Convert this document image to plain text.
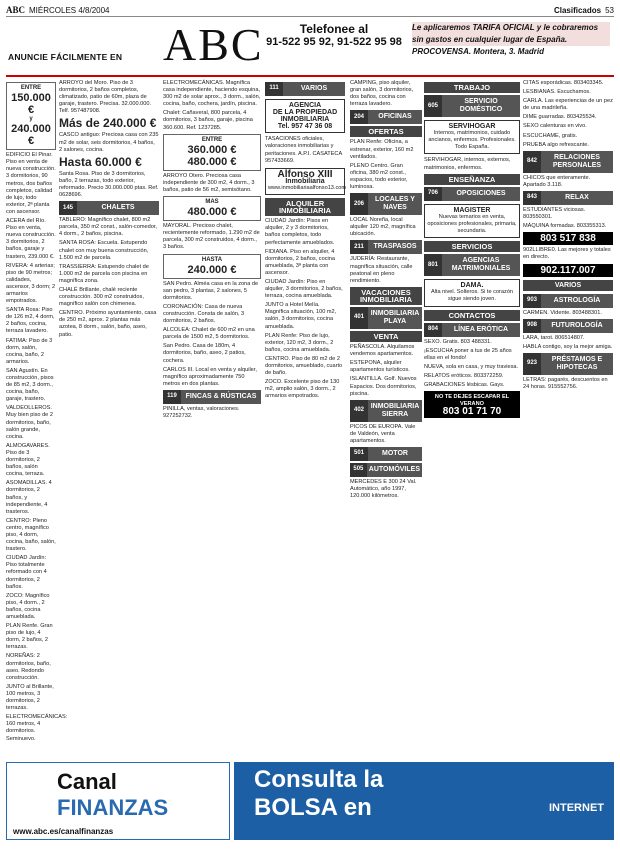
ABC MIÉRCOLES 4/8/2004	Clasificados 53
ANUNCIE FÁCILMENTE EN ABC	Telefonee al
91-522 95 92, 91-522 95 98
Le aplicaremos TARIFA OFICIAL y le cobraremos sin gastos en cualquier lugar de España.
PROCOVENSA. Montera, 3. Madrid
ENTRE
150.000 €
y
240.000 €

EDIFICIO El Pinar. Piso en venta de nueva construcción. 3 dormitorios, 90 metros, dos baños completos, calidad de lujo, todo exterior, 2ª planta con ascensor.

ACERA del Río. Piso en venta, nueva construcción. 3 dormitorios, 2 baños, garaje y trastero, 239.000 €.

RIVERA: 4 arterias; piso de 90 metros; calidades, ascensor, 3 dorm; 2 armarios empotrados.

SANTA Rosa: Piso de 126 m2, 4 dorm, 2 baños, cocina, terraza lavadero.

FATIMA: Piso de 3 dorm, salón, cocina, baño, 2 armarios.

SAN Agustín. En construcción, pisos de 85 m2, 3 dorm., cocina, baño, garaje, trastero.

VALDEOLLEROS. Muy bien piso de 2 dormitorios, baño, salón grande, cocina.

ALMOGAVARES. Piso de 3 dormitorios, 2 baños, salón cocina, terraza.

ASOMADILLAS. 4 dormitorios, 2 baños, y independiente, 4 trasteros.

CENTRO: Pleno centro, magnífico piso, 4 dorm, cocina, baño, salón, trastero.

CIUDAD Jardín: Piso totalmente reformado con 4 dormitorios, 2 baños.

ZOCO: Magnífico piso, 4 dorm., 2 baños, cocina amueblada.

PLAN Renfe. Gran piso de lujo, 4 dorm, 2 baños, 2 terrazas.

NOREÑAS: 2 dormitorios, baño, aseo. Redondo construcción.

JUNTO al Brillante, 100 metros, 3 dormitorios, 2 terrazas.

ELECTROMECÁNICAS: 160 metros, 4 dormitorios. Seminuevo.

ARROYO del Moro. Piso de 3 dormitorios, 2 baños completos, climatizado, patio de 60m, plaza de garaje, trastero. Precisa. 32.000.000. Telf. 957487908.

Más de 240.000 €

CASCO antiguo: Preciosa casa con 235 m2 de solar, seis dormitorios, 4 baños, 2 salones, cocina.

Hasta 60.000 €

Santa Rosa. Piso de 3 dormitorios, baño, 2 terrazas, todo exterior, reformado. Precio 30.000.000 ptas. Ref. 0628696.

145	CHALETS

TABLERO: Magnífico chalet, 800 m2 parcela, 350 m2 const., salón-comedor, 4 dorm., 2 baños, piscina.

SANTA ROSA: Escuela. Estupendo chalet con muy buena construcción, 1.500 m2 de parcela.

TRASSIERRA: Estupendo chalet de 1.000 m2 de parcela con piscina en magnífica zona.

CHALÉ Brillante, chalé reciente construcción. 300 m2 construidos, magnífico salón con chimenea.

CENTRO. Próximo ayuntamiento, casa de 250 m2, aprox. 2 plantas más azotea, 8 dorm., salón, baño, aseo, patio.

ELECTROMECÁNICAS. Magnífica casa independiente, haciendo esquina, 300 m2 de solar aprox., 3 dorm., salón, cocina, baño, cochera, jardín, piscina.

Chalet: Cañaveral, 800 parcela, 4 dormitorios, 3 baños, garaje, piscina 360.600. Ref. 1237285.

ENTRE
360.000 €
480.000 €

ARROYO Otero. Preciosa casa independiente de 300 m2, 4 dorm., 3 baños, patio de 56 m2, semisótano.

MAS
480.000 €

MAYORAL. Precioso chalet, recientemente reformado, 1.290 m2 de parcela, 300 m2 construidos, 4 dorm., 3 baños.

HASTA
240.000 €

SAN Pedro. Alméa casa en la zona de san pedro, 3 plantas, 2 salones, 5 dormitorios.

CORONACIÓN: Casa de nueva construcción. Consta de salón, 3 dormitorios, 2 baños.

ALCOLEA: Chalet de 600 m2 en una parcela de 1500 m2, 5 dormitorios.

San Pedro. Casa de 180m, 4 dormitorios, baño, aseo, 2 patios, cochera.

CARLOS III. Local en venta y alquiler, magnífico aproximadamente 750 metros en dos plantas.

119	FINCAS & RÚSTICAS

PINILLA, ventas, valoraciones. 927252732.

111	VARIOS
AGENCIA
DE LA PROPIEDAD
INMOBILIARIA
Tel. 957 47 36 08

TASACIONES oficiales, valoraciones inmobiliarias y peritaciones. A.P.I. CASATECA 957433669.

Alfonso XIII
Inmobiliaria
www.inmobiliariaalfonso13.com
ALQUILER INMOBILIARIA

CIUDAD Jardín: Pisos en alquiler, 2 y 3 dormitorios, baños completos, todo perfectamente amueblados.

FIDIANA. Piso en alquiler, 4 dormitorios, 2 baños, cocina amueblada, 3ª planta con ascensor.

CIUDAD Jardín: Piso en alquiler, 3 dormitorios, 2 baños, terraza, cocina amueblada.

JUNTO a Hotel Melía. Magnífica situación, 100 m2, salón, 3 dormitorios, cocina amueblada.

PLAN Renfe: Piso de lujo, exterior, 120 m2, 3 dorm., 2 baños, cocina amueblada.

CENTRO. Piso de 80 m2 de 2 dormitorios, amueblado, cuarto de baño.

ZOCO. Excelente piso de 130 m2, amplio salón, 3 dorm., 2 armarios empotrados.

CAMPING, piso alquiler, gran salón, 3 dormitorios, dos baños, cocina con terraza lavadero.

204	OFICINAS
OFERTAS

PLAN Renfe: Oficina, a estrenar, exterior, 160 m2 ventilados.

PLENO Centro. Gran oficina, 380 m2 const., espacios, todo exterior, luminosa.

206
LOCALES Y NAVES

LOCAL Noreña, local alquiler 120 m2, magnífica ubicación.

211	TRASPASOS

JUDERÍA: Restaurante, magnífica situación, calle peatonal en pleno rendimiento.

VACACIONES INMOBILIARIA
401
INMOBILIARIA PLAYA
VENTA

PEÑASCOLA. Alquilamos vendemos apartamentos.

ESTEPONA, alquiler apartamentos turísticos.

ISLANTILLA. Golf. Nuevos Espacios. Dos dormitorios, piscina.

402
INMOBILIARIA SIERRA

PICOS DE EUROPA. Vale de Valdeón, venta apartamentos.

501	MOTOR
505 AUTOMÓVILES

MERCEDES E 300 24 Val. Automático, año 1997, 120.000 kilómetros.

TRABAJO
605
SERVICIO DOMÉSTICO
SERVIHOGAR
Internos, matrimonios, cuidado ancianos, enfermos. Profesionales. Todo España.

SERVIHOGAR, internos, externos, matrimonios, enfermos.

ENSEÑANZA
706	OPOSICIONES
MAGISTER
Nuevas temarios en venta, oposiciones profesionales, primaria, secundaria.
SERVICIOS
801
AGENCIAS MATRIMONIALES
DAMA.
Alta nivel. Solteros. Si te corazón sigue siendo joven.
CONTACTOS
804	LÍNEA ERÓTICA

SEXO. Gratis. 803 488331.

¡ESCUCHA poner a tus de 25 años ellas en el fondo!

NUEVA, sola en casa, y muy traviesa.

RELATOS eróticos. 803372259.

GRABACIONES lésbicas. Gays.

NO TE DEJES ESCAPAR EL VERANO
803 01 71 70

CITAS esporádicas. 803403345.

LESBIANAS. Escuchamos.

CARLA. Las experiencias de un pez de una madrileña.

DIME guarradas. 803425534.

SEXO calenturas en vivo.

ESCUCHAME, gratis.

PRUEBA algo refrescante.

842
RELACIONES PERSONALES

CHICOS que enteramente. Apartado 3.118.

843	RELAX

ESTUDIANTES viciosas. 803550301.

MÁQUINA formadas. 803355313.

803 517 838

902LLIBRE0. Las mejores y totales en directo.

902.117.007
VARIOS
903	ASTROLOGÍA

CARMEN. Vidente. 803488301.

908	FUTUROLOGÍA

LARA, tarot. 806514807.

HABLA contigo, soy la mejor amiga.

923
PRÉSTAMOS E HIPOTECAS

LETRAS: pagarés, descuentos en 24 horas. 915552756.

Canal
FINANZAS
www.abc.es/canalfinanzas
Consulta la
BOLSA en	INTERNET
